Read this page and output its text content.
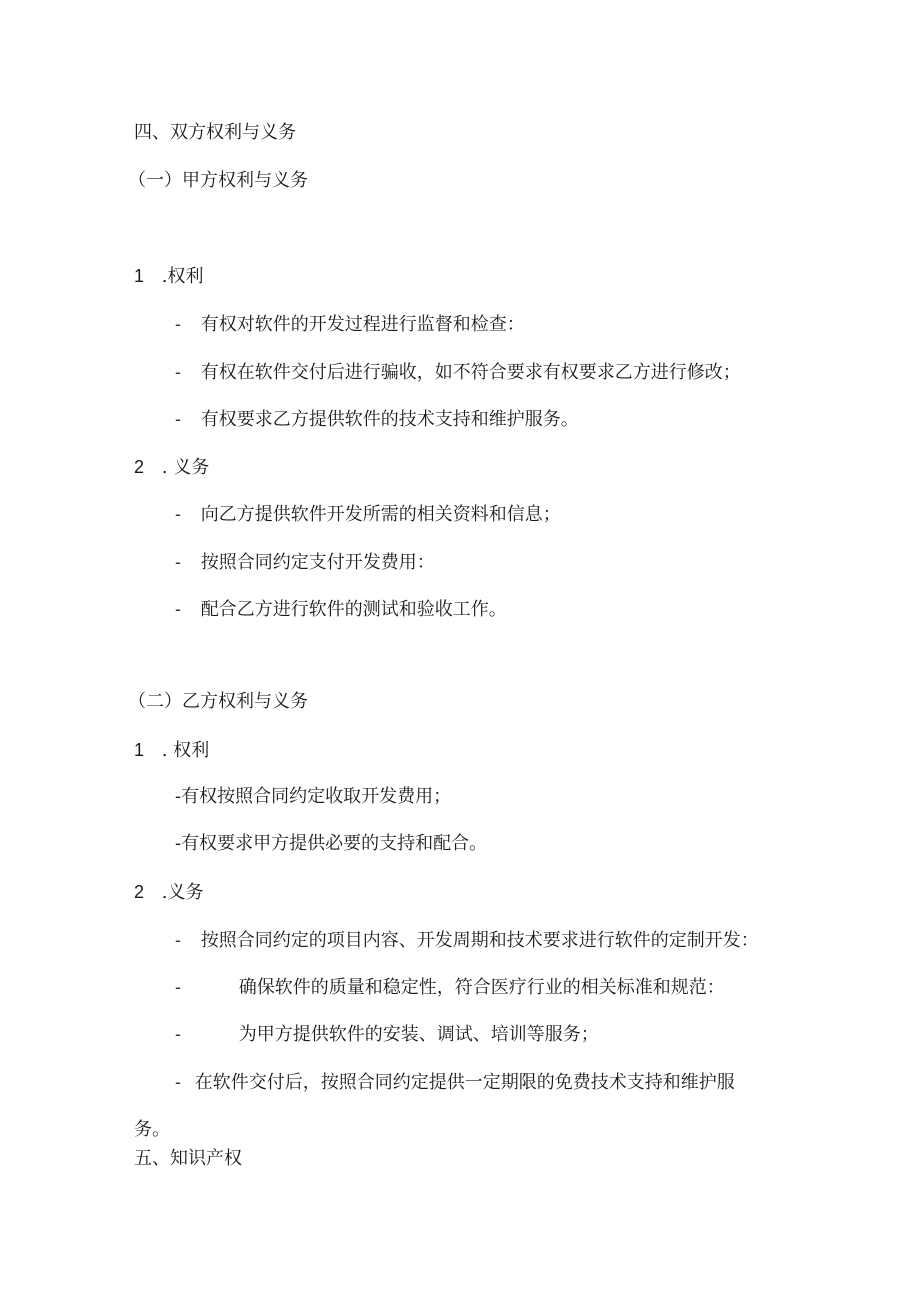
四、双方权利与义务
（一）甲方权利与义务
1 .权利
- 有权对软件的开发过程进行监督和检查：
- 有权在软件交付后进行骗收，如不符合要求有权要求乙方进行修改；
- 有权要求乙方提供软件的技术支持和维护服务。
2 . 义务
- 向乙方提供软件开发所需的相关资料和信息；
- 按照合同约定支付开发费用：
- 配合乙方进行软件的测试和验收工作。
（二）乙方权利与义务
1 . 权利
-有权按照合同约定收取开发费用；
-有权要求甲方提供必要的支持和配合。
2 .义务
- 按照合同约定的项目内容、开发周期和技术要求进行软件的定制开发：
-	确保软件的质量和稳定性，符合医疗行业的相关标准和规范：
-	为甲方提供软件的安装、调试、培训等服务；
- 在软件交付后，按照合同约定提供一定期限的免费技术支持和维护服
务。
五、知识产权
